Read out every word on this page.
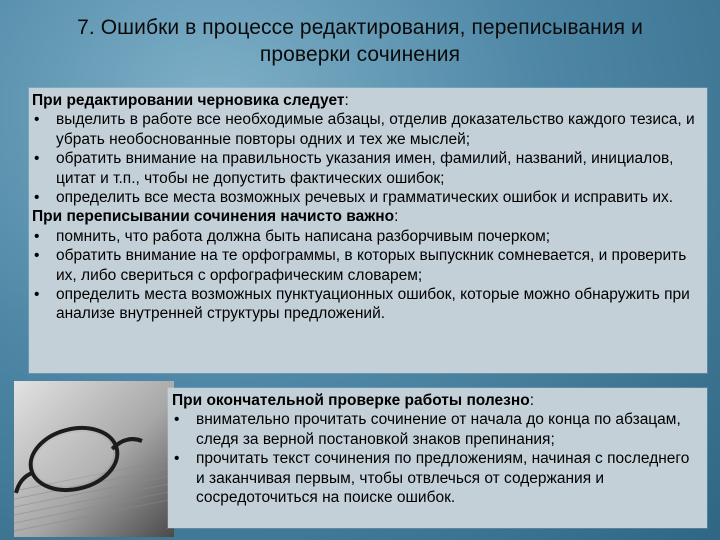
7. Ошибки в процессе редактирования, переписывания и
проверки сочинения
При редактировании черновика следует:
• выделить в работе все необходимые абзацы, отделив доказательство каждого тезиса, и убрать необоснованные повторы одних и тех же мыслей;
• обратить внимание на правильность указания имен, фамилий, названий, инициалов, цитат и т.п., чтобы не допустить фактических ошибок;
• определить все места возможных речевых и грамматических ошибок и исправить их.
При переписывании сочинения начисто важно:
• помнить, что работа должна быть написана разборчивым почерком;
• обратить внимание на те орфограммы, в которых выпускник сомневается, и проверить их, либо свериться с орфографическим словарем;
• определить места возможных пунктуационных ошибок, которые можно обнаружить при анализе внутренней структуры предложений.
При окончательной проверке работы полезно:
• внимательно прочитать сочинение от начала до конца по абзацам, следя за верной постановкой знаков препинания;
• прочитать текст сочинения по предложениям, начиная с последнего и заканчивая первым, чтобы отвлечься от содержания и сосредоточиться на поиске ошибок.
